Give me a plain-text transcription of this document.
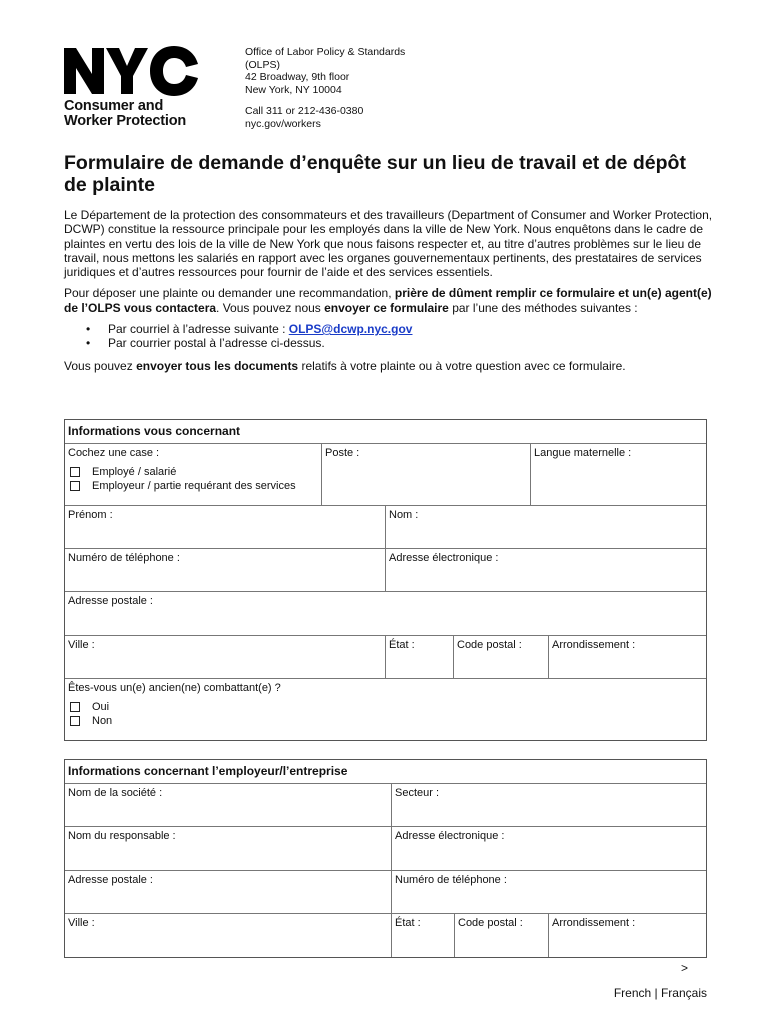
Consumer and
Worker Protection
Office of Labor Policy & Standards
(OLPS)
42 Broadway, 9th floor
New York, NY 10004
Call 311 or 212-436-0380
nyc.gov/workers
Formulaire de demande d’enquête sur un lieu de travail et de dépôt de plainte

Le Département de la protection des consommateurs et des travailleurs (Department of Consumer and Worker Protection, DCWP) constitue la ressource principale pour les employés dans la ville de New York. Nous enquêtons dans le cadre de plaintes en vertu des lois de la ville de New York que nous faisons respecter et, au titre d’autres problèmes sur le lieu de travail, nous mettons les salariés en rapport avec les organes gouvernementaux pertinents, des prestataires de services juridiques et d’autres ressources pour fournir de l’aide et des services essentiels.

Pour déposer une plainte ou demander une recommandation, prière de dûment remplir ce formulaire et un(e) agent(e) de l’OLPS vous contactera. Vous pouvez nous envoyer ce formulaire par l’une des méthodes suivantes :

• Par courriel à l’adresse suivante : OLPS@dcwp.nyc.gov
• Par courrier postal à l’adresse ci-dessus.

Vous pouvez envoyer tous les documents relatifs à votre plainte ou à votre question avec ce formulaire.

Informations vous concernant
Cochez une case :
Employé / salarié
Employeur / partie requérant des services
Poste :	Langue maternelle :
Prénom :	Nom :
Numéro de téléphone :	Adresse électronique :
Adresse postale :
Ville :	État :	Code postal :	Arrondissement :
Êtes-vous un(e) ancien(ne) combattant(e) ?
Oui
Non
Informations concernant l’employeur/l’entreprise
Nom de la société :	Secteur :
Nom du responsable :	Adresse électronique :
Adresse postale :	Numéro de téléphone :
Ville :	État :	Code postal :	Arrondissement :
>
French | Français
